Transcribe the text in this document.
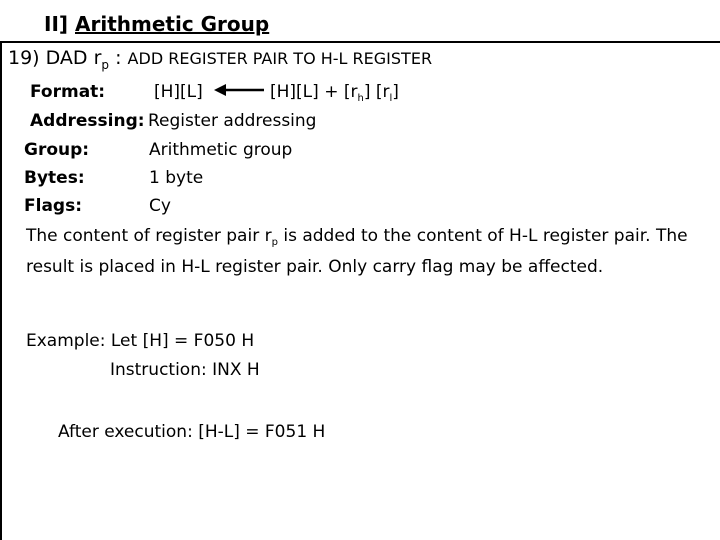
II] Arithmetic Group
19) DAD $r_p$ : ADD REGISTER PAIR TO H-L REGISTER
Format:	[H][L]	$[H][L] + [r_h]$ $[r_l]$
Addressing: Register addressing
Group:	Arithmetic group
Bytes:	1 byte
Flags:	Cy
The content of register pair $r_p$ is added to the content of H-L register pair. The result is placed in H-L register pair. Only carry flag may be affected.
Example: Let [H] = F050 H
Instruction: INX H
After execution: [H-L] = F051 H
